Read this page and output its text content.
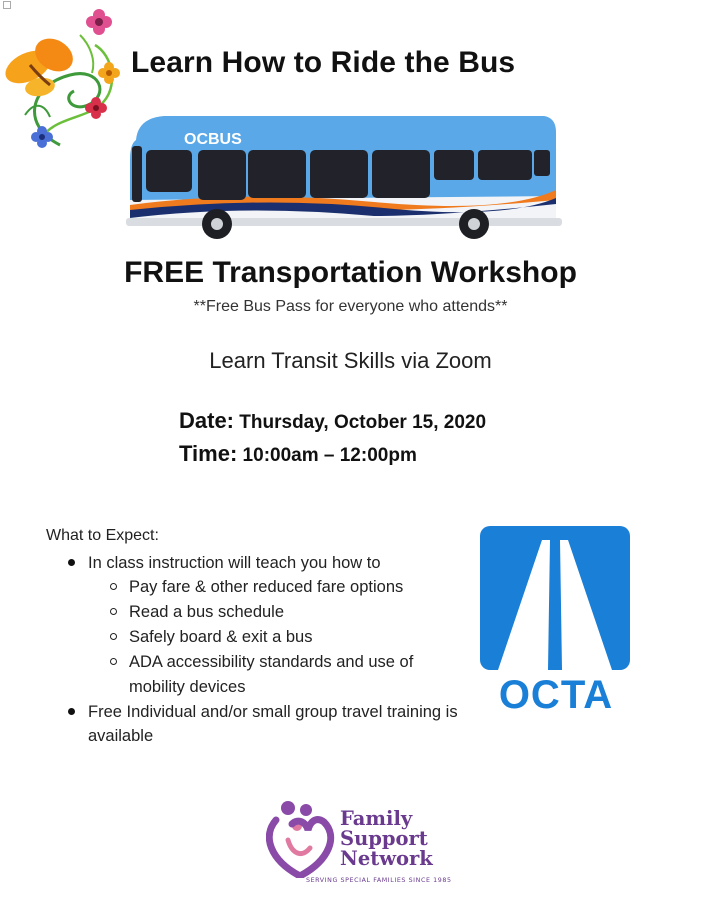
Learn How to Ride the Bus
OCBUS
FREE Transportation Workshop
**Free Bus Pass for everyone who attends**
Learn Transit Skills via Zoom
Date: Thursday, October 15, 2020
Time: 10:00am – 12:00pm
What to Expect:
In class instruction will teach you how to
Pay fare & other reduced fare options
Read a bus schedule
Safely board & exit a bus
ADA accessibility standards and use of mobility devices
Free Individual and/or small group travel training is available
OCTA
Family
Support
Network
SERVING SPECIAL FAMILIES SINCE 1985
